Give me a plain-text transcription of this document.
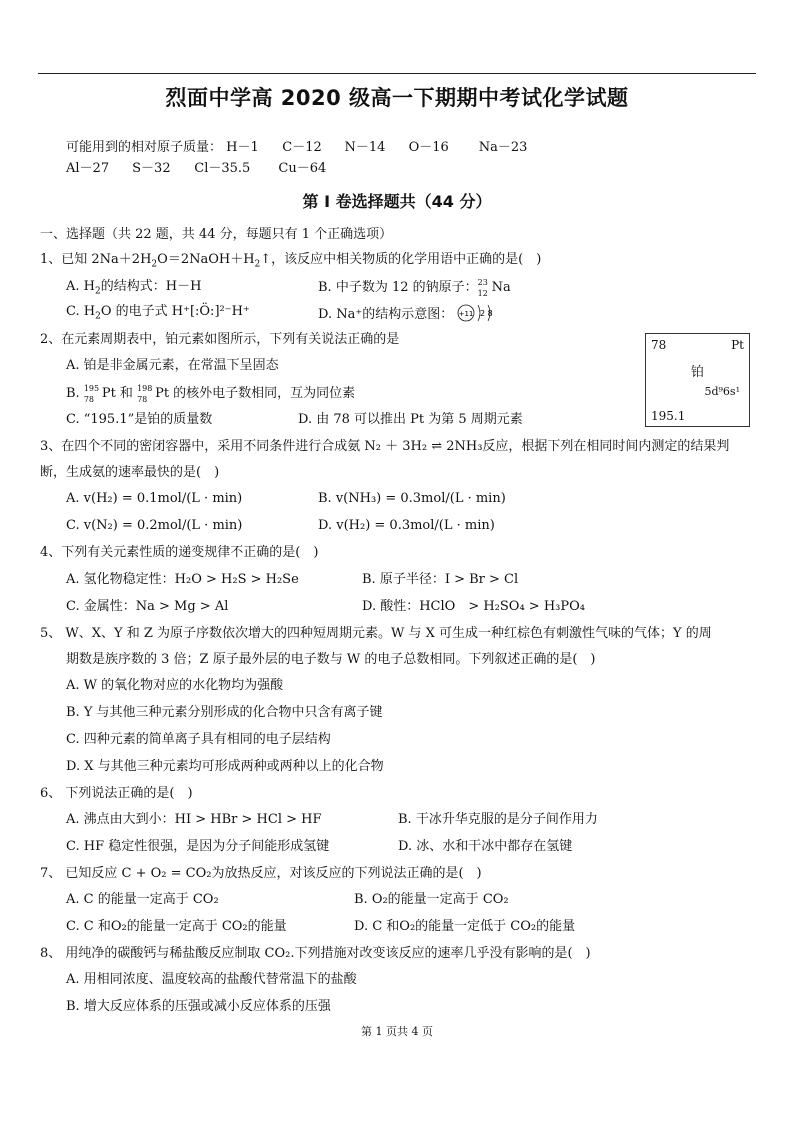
烈面中学高 2020 级高一下期期中考试化学试题
可能用到的相对原子质量： H－1 C－12 N－14 O－16 Na－23
Al－27 S－32 Cl－35.5 Cu－64
第 I 卷选择题共（44 分）
一、选择题（共 22 题，共 44 分，每题只有 1 个正确选项）
1、已知 $2Na+2H_2O=2NaOH+H_2↑$，该反应中相关物质的化学用语中正确的是(　)
A. $H_2$的结构式：H－H	B. 中子数为 12 的钠原子： 23
12 Na
C. $H_2O$ 的电子式 H⁺[:Ö:]²⁻H⁺	D. Na⁺的结构示意图： +11 2 8
2、在元素周期表中，铂元素如图所示，下列有关说法正确的是
A. 铂是非金属元素，在常温下呈固态
B. 195
78 Pt 和 198
78 Pt 的核外电子数相同，互为同位素
C. “195.1”是铂的质量数	D. 由 78 可以推出 Pt 为第 5 周期元素
78	Pt
铂
5d⁹6s¹
195.1
3、在四个不同的密闭容器中，采用不同条件进行合成氨 N₂ ＋ 3H₂ ⇌ 2NH₃反应，根据下列在相同时间内测定的结果判
断，生成氨的速率最快的是(　)
A. v(H₂) = 0.1mol/(L · min)	B. v(NH₃) = 0.3mol/(L · min)
C. v(N₂) = 0.2mol/(L · min)	D. v(H₂) = 0.3mol/(L · min)
4、下列有关元素性质的递变规律不正确的是(　)
A. 氢化物稳定性：H₂O > H₂S > H₂Se	B. 原子半径：I > Br > Cl
C. 金属性：Na > Mg > Al	D. 酸性：HClO　> H₂SO₄ > H₃PO₄
5、 W、X、Y 和 Z 为原子序数依次增大的四种短周期元素。W 与 X 可生成一种红棕色有刺激性气味的气体；Y 的周
期数是族序数的 3 倍；Z 原子最外层的电子数与 W 的电子总数相同。下列叙述正确的是(　)
A. W 的氧化物对应的水化物均为强酸
B. Y 与其他三种元素分别形成的化合物中只含有离子键
C. 四种元素的简单离子具有相同的电子层结构
D. X 与其他三种元素均可形成两种或两种以上的化合物
6、 下列说法正确的是(　)
A. 沸点由大到小：HI > HBr > HCl > HF	B. 干冰升华克服的是分子间作用力
C. HF 稳定性很强，是因为分子间能形成氢键	D. 冰、水和干冰中都存在氢键
7、 已知反应 C + O₂ = CO₂为放热反应，对该反应的下列说法正确的是(　)
A. C 的能量一定高于 CO₂	B. O₂的能量一定高于 CO₂
C. C 和O₂的能量一定高于 CO₂的能量	D. C 和O₂的能量一定低于 CO₂的能量
8、 用纯净的碳酸钙与稀盐酸反应制取 CO₂.下列措施对改变该反应的速率几乎没有影响的是(　)
A. 用相同浓度、温度较高的盐酸代替常温下的盐酸
B. 增大反应体系的压强或减小反应体系的压强
第 1 页共 4 页
